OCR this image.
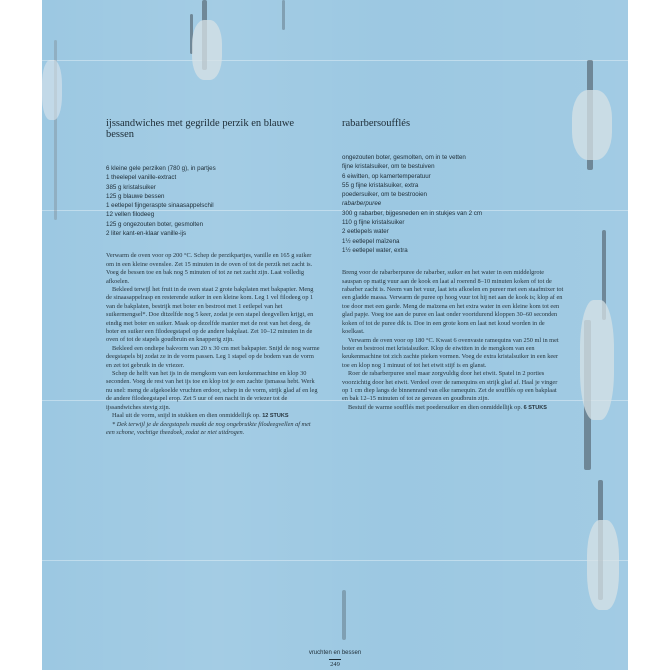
ijssandwiches met gegrilde perzik en blauwe bessen
6 kleine gele perziken (780 g), in partjes
1 theelepel vanille-extract
385 g kristalsuiker
125 g blauwe bessen
1 eetlepel fijngeraspte sinaasappelschil
12 vellen filodeeg
125 g ongezouten boter, gesmolten
2 liter kant-en-klaar vanille-ijs

Verwarm de oven voor op 200 °C. Schep de perzikpartjes, vanille en 165 g suiker om in een kleine ovenslee. Zet 15 minuten in de oven of tot de perzik net zacht is. Voeg de bessen toe en bak nog 5 minuten of tot ze net zacht zijn. Laat volledig afkoelen.

Bekleed terwijl het fruit in de oven staat 2 grote bakplaten met bakpapier. Meng de sinaasappelrasp en resterende suiker in een kleine kom. Leg 1 vel filodeeg op 1 van de bakplaten, bestrijk met boter en bestrooi met 1 eetlepel van het suikermengsel*. Doe ditzelfde nog 5 keer, zodat je een stapel deegvellen krijgt, en eindig met boter en suiker. Maak op dezelfde manier met de rest van het deeg, de boter en suiker een filodeegstapel op de andere bakplaat. Zet 10–12 minuten in de oven of tot de stapels goudbruin en knapperig zijn.

Bekleed een ondiepe bakvorm van 20 x 30 cm met bakpapier. Snijd de nog warme deegstapels bij zodat ze in de vorm passen. Leg 1 stapel op de bodem van de vorm en zet tot gebruik in de vriezer.

Schep de helft van het ijs in de mengkom van een keukenmachine en klop 30 seconden. Voeg de rest van het ijs toe en klop tot je een zachte ijsmassa hebt. Werk nu snel: meng de afgekoelde vruchten erdoor, schep in de vorm, strijk glad af en leg de andere filodeegstapel erop. Zet 5 uur of een nacht in de vriezer tot de ijssandwiches stevig zijn.

Haal uit de vorm, snijd in stukken en dien onmiddellijk op. 12 STUKS

* Dek terwijl je de deegstapels maakt de nog ongebruikte filodeegvellen af met een schone, vochtige theedoek, zodat ze niet uitdrogen.

rabarbersoufflés
ongezouten boter, gesmolten, om in te vetten
fijne kristalsuiker, om te bestuiven
6 eiwitten, op kamertemperatuur
55 g fijne kristalsuiker, extra
poedersuiker, om te bestrooien
rabarberpuree
300 g rabarber, bijgesneden en in stukjes van 2 cm
110 g fijne kristalsuiker
2 eetlepels water
1½ eetlepel maïzena
1½ eetlepel water, extra

Breng voor de rabarberpuree de rabarber, suiker en het water in een middelgrote sauspan op matig vuur aan de kook en laat al roerend 8–10 minuten koken of tot de rabarber zacht is. Neem van het vuur, laat iets afkoelen en pureer met een staafmixer tot een gladde massa. Verwarm de puree op hoog vuur tot hij net aan de kook is; klop af en toe door met een garde. Meng de maïzena en het extra water in een kleine kom tot een glad papje. Voeg toe aan de puree en laat onder voortdurend kloppen 30–60 seconden koken of tot de puree dik is. Doe in een grote kom en laat net koud worden in de koelkast.

Verwarm de oven voor op 180 °C. Kwast 6 ovenvaste ramequins van 250 ml in met boter en bestrooi met kristalsuiker. Klop de eiwitten in de mengkom van een keukenmachine tot zich zachte pieken vormen. Voeg de extra kristalsuiker in een keer toe en klop nog 1 minuut of tot het eiwit stijf is en glanst.

Roer de rabarberpuree snel maar zorgvuldig door het eiwit. Spatel in 2 porties voorzichtig door het eiwit. Verdeel over de ramequins en strijk glad af. Haal je vinger op 1 cm diep langs de binnenrand van elke ramequin. Zet de soufflés op een bakplaat en bak 12–15 minuten of tot ze gerezen en goudbruin zijn.

Bestuif de warme soufflés met poedersuiker en dien onmiddellijk op. 6 STUKS

vruchten en bessen
249
